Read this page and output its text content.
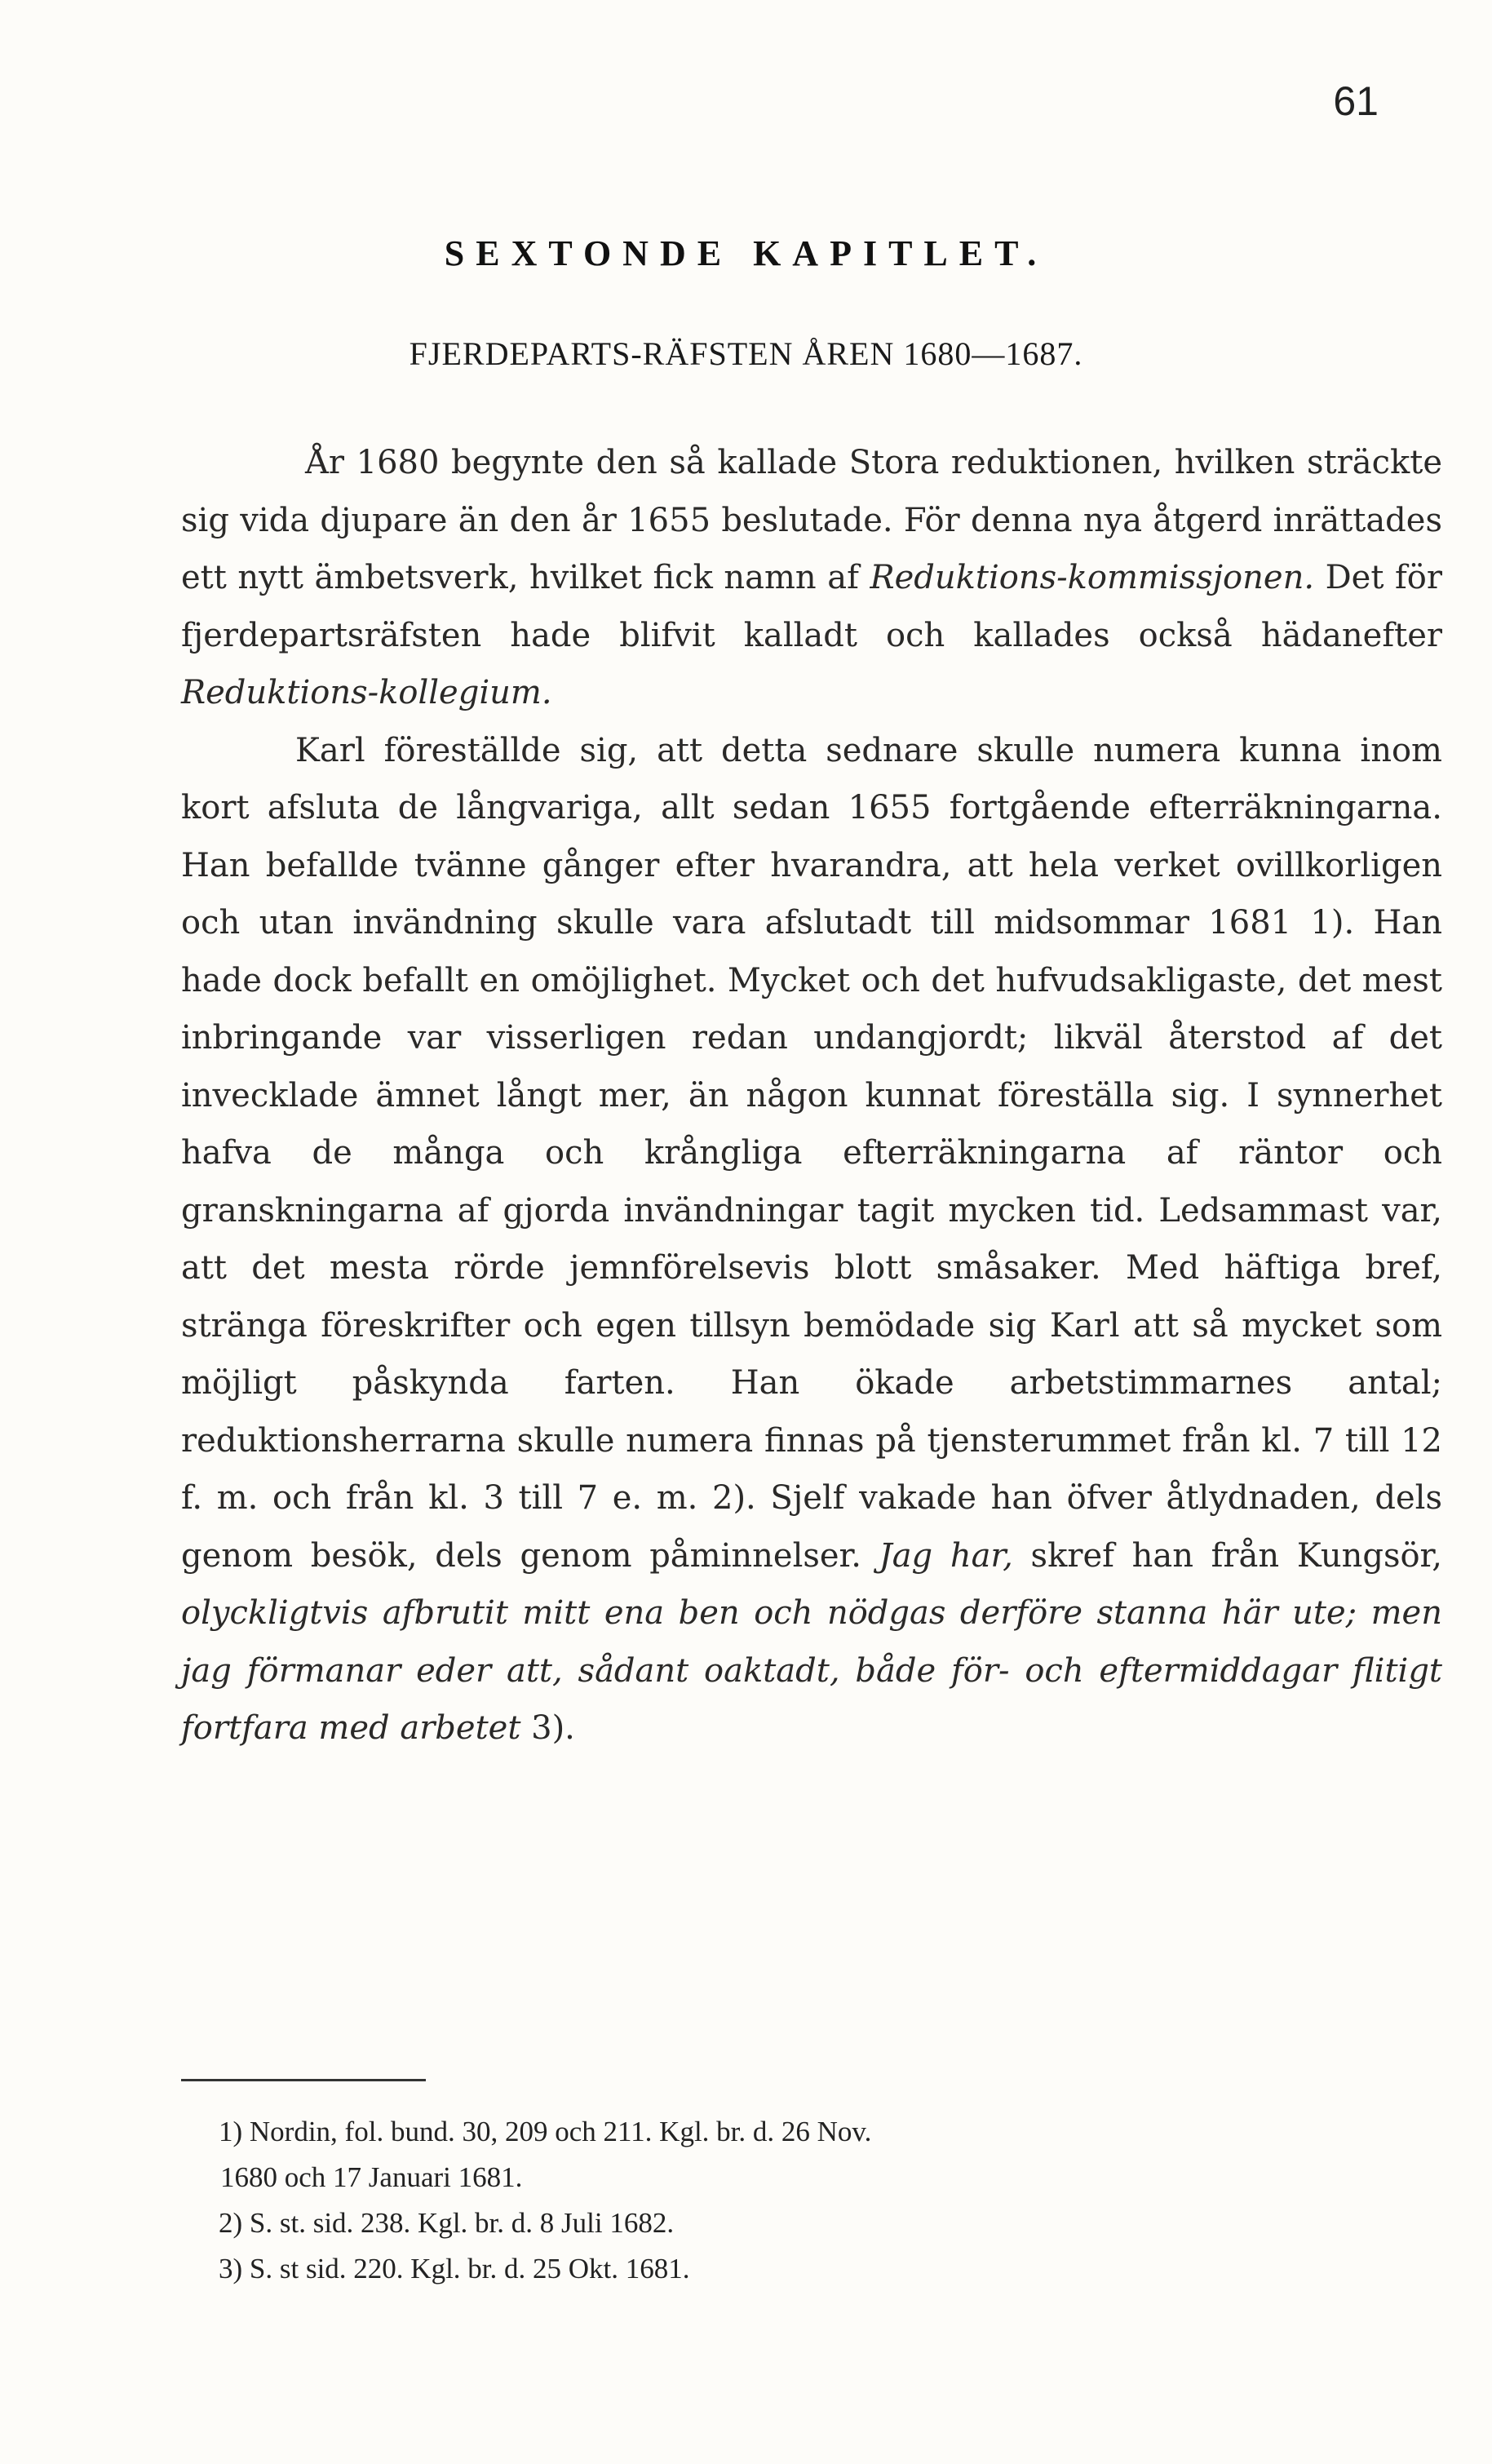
61
SEXTONDE KAPITLET.
FJERDEPARTS-RÄFSTEN ÅREN 1680—1687.

År 1680 begynte den så kallade Stora reduktionen, hvilken sträckte sig vida djupare än den år 1655 beslutade. För denna nya åtgerd inrättades ett nytt ämbetsverk, hvilket fick namn af Reduktions-kommissjonen. Det för fjerdepartsräfsten hade blifvit kalladt och kallades också hädanefter Reduktions-kollegium.

Karl föreställde sig, att detta sednare skulle numera kunna inom kort afsluta de långvariga, allt sedan 1655 fortgående efterräkningarna. Han befallde tvänne gånger efter hvarandra, att hela verket ovillkorligen och utan invändning skulle vara afslutadt till midsommar 1681 1). Han hade dock befallt en omöjlighet. Mycket och det hufvudsakligaste, det mest inbringande var visserligen redan undangjordt; likväl återstod af det invecklade ämnet långt mer, än någon kunnat föreställa sig. I synnerhet hafva de många och krångliga efterräkningarna af räntor och granskningarna af gjorda invändningar tagit mycken tid. Ledsammast var, att det mesta rörde jemnförelsevis blott småsaker. Med häftiga bref, stränga föreskrifter och egen tillsyn bemödade sig Karl att så mycket som möjligt påskynda farten. Han ökade arbetstimmarnes antal; reduktionsherrarna skulle numera finnas på tjensterummet från kl. 7 till 12 f. m. och från kl. 3 till 7 e. m. 2). Sjelf vakade han öfver åtlydnaden, dels genom besök, dels genom påminnelser. Jag har, skref han från Kungsör, olyckligtvis afbrutit mitt ena ben och nödgas derföre stanna här ute; men jag förmanar eder att, sådant oaktadt, både för- och eftermiddagar flitigt fortfara med arbetet 3).

1) Nordin, fol. bund. 30, 209 och 211. Kgl. br. d. 26 Nov.

1680 och 17 Januari 1681.

2) S. st. sid. 238. Kgl. br. d. 8 Juli 1682.

3) S. st sid. 220. Kgl. br. d. 25 Okt. 1681.
